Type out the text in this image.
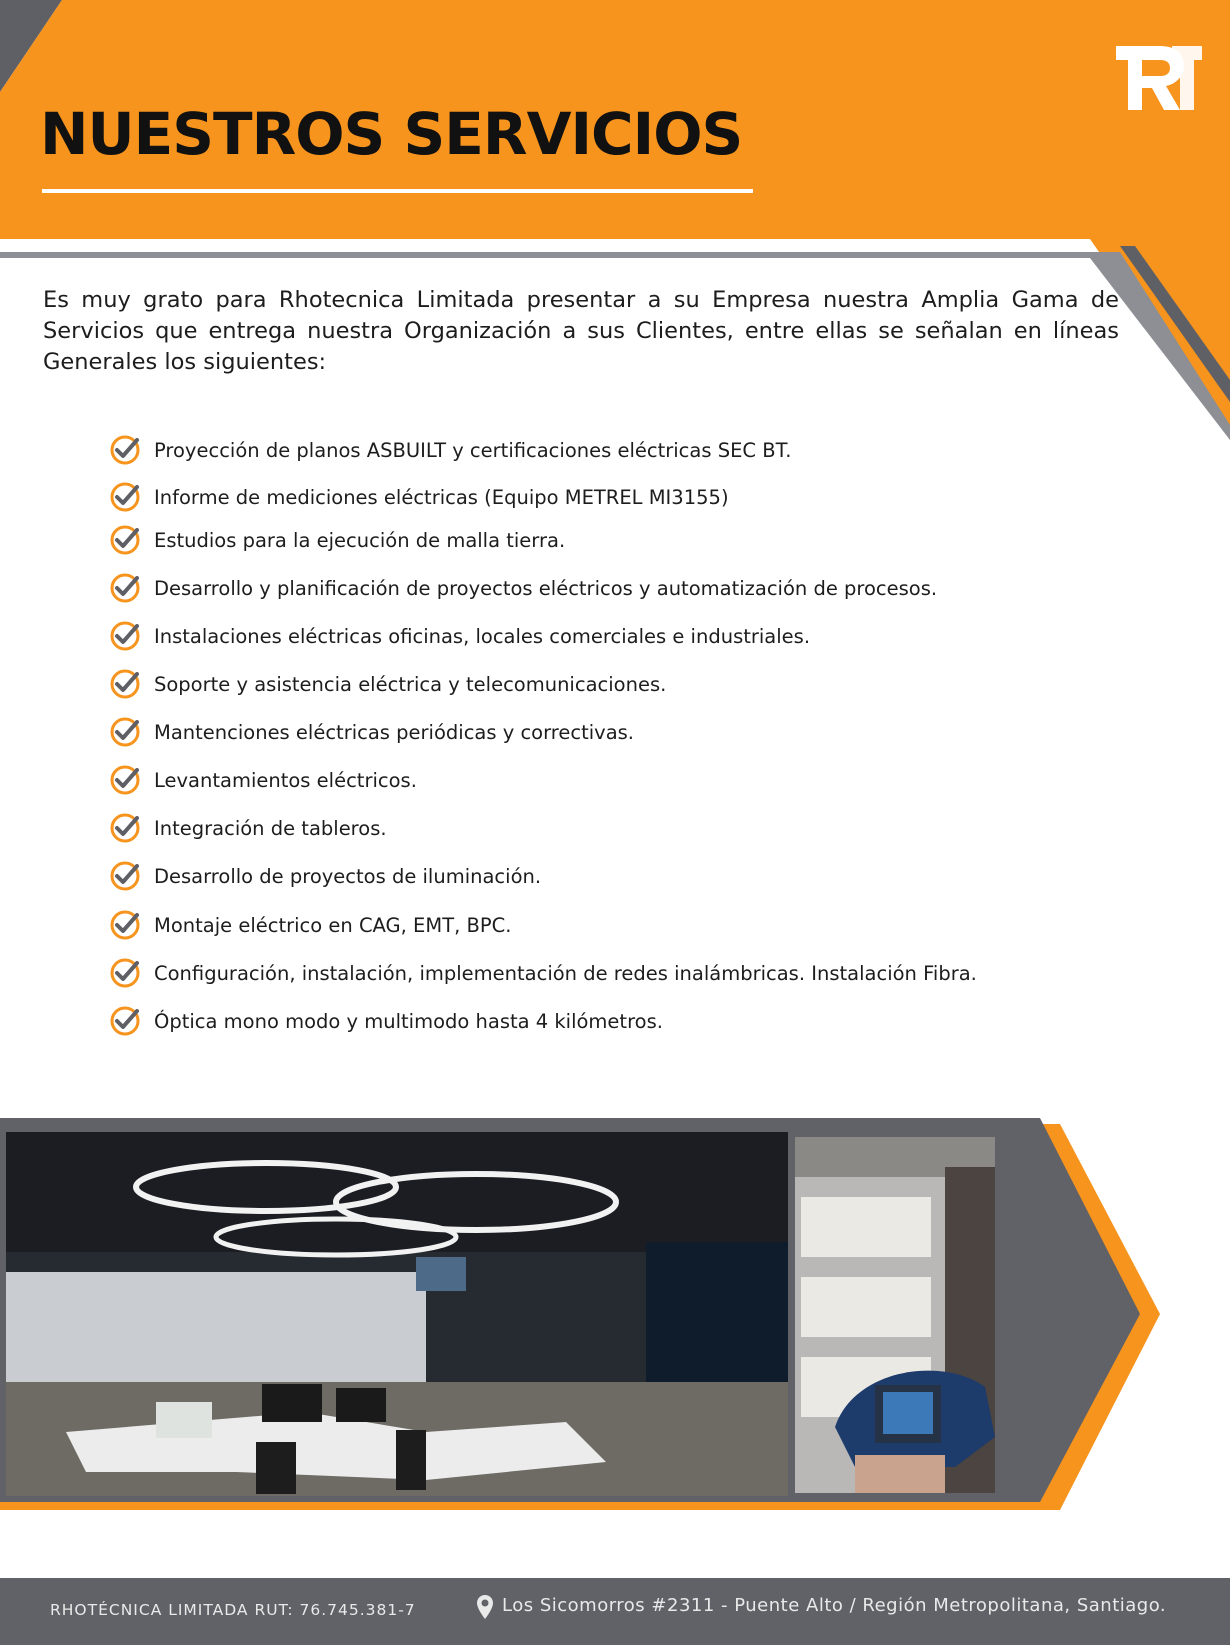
NUESTROS SERVICIOS

Es muy grato para Rhotecnica Limitada presentar a su Empresa nuestra Amplia Gama de Servicios que entrega nuestra Organización a sus Clientes, entre ellas se señalan en líneas Generales los siguientes:

Proyección de planos ASBUILT y certificaciones eléctricas SEC BT.
Informe de mediciones eléctricas (Equipo METREL MI3155)
Estudios para la ejecución de malla tierra.
Desarrollo y planificación de proyectos eléctricos y automatización de procesos.
Instalaciones eléctricas oficinas, locales comerciales e industriales.
Soporte y asistencia eléctrica y telecomunicaciones.
Mantenciones eléctricas periódicas y correctivas.
Levantamientos eléctricos.
Integración de tableros.
Desarrollo de proyectos de iluminación.
Montaje eléctrico en CAG, EMT, BPC.
Configuración, instalación, implementación de redes inalámbricas. Instalación Fibra.
Óptica mono modo y multimodo hasta 4 kilómetros.
RHOTÉCNICA LIMITADA RUT: 76.745.381-7	Los Sicomorros #2311 - Puente Alto / Región Metropolitana, Santiago.
